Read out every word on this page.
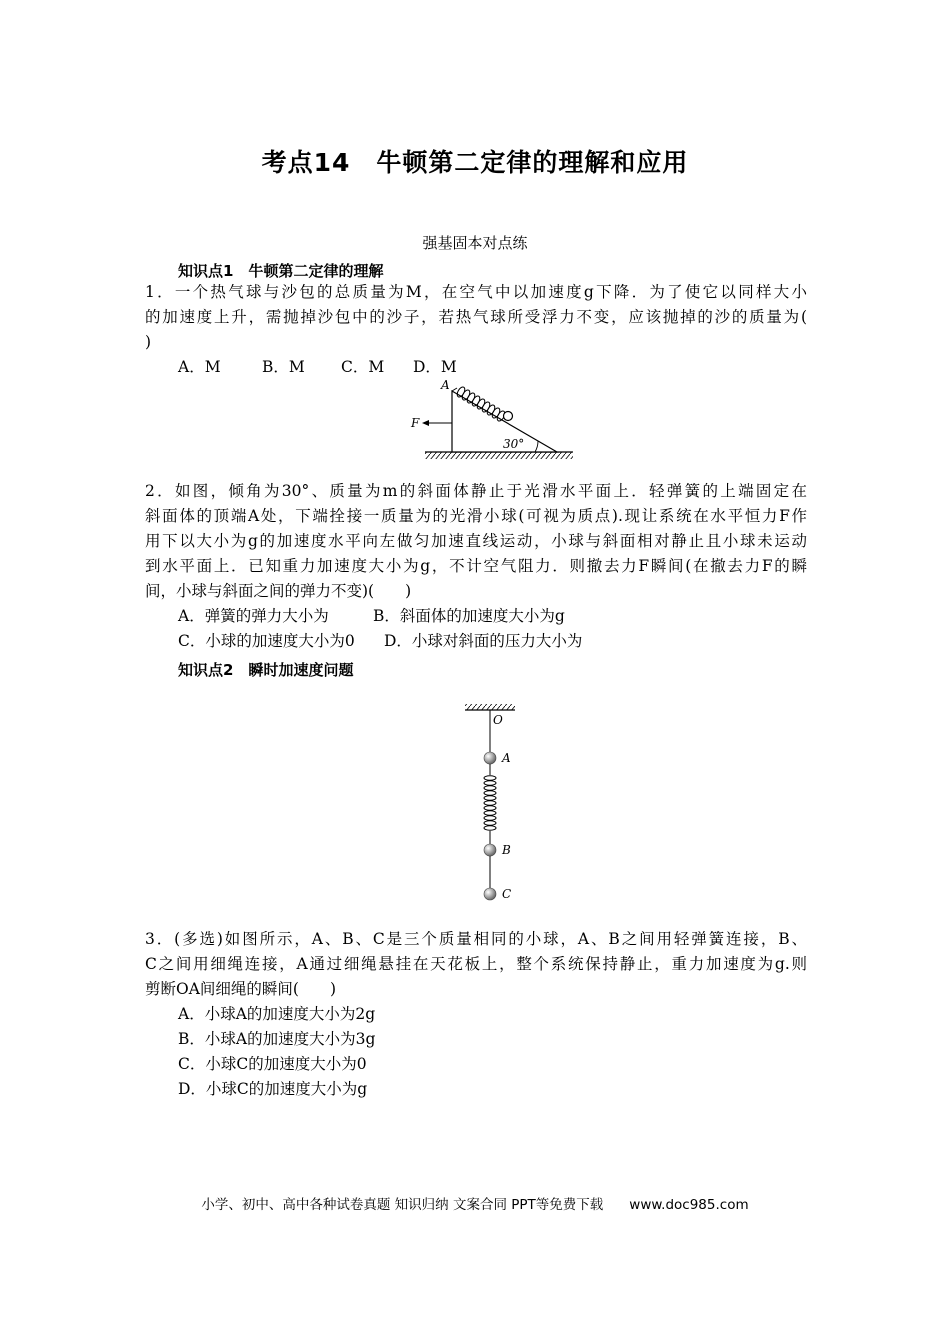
考点14　牛顿第二定律的理解和应用
强基固本对点练
知识点1　牛顿第二定律的理解
1．一个热气球与沙包的总质量为M，在空气中以加速度g下降．为了使它以同样大小
的加速度上升，需抛掉沙包中的沙子，若热气球所受浮力不变，应该抛掉的沙的质量为(
)
A．M	B．M C．M D．M
30°
F
A
2．如图，倾角为30°、质量为m的斜面体静止于光滑水平面上．轻弹簧的上端固定在
斜面体的顶端A处，下端拴接一质量为的光滑小球(可视为质点).现让系统在水平恒力F作
用下以大小为g的加速度水平向左做匀加速直线运动，小球与斜面相对静止且小球未运动
到水平面上．已知重力加速度大小为g，不计空气阻力．则撤去力F瞬间(在撤去力F的瞬
间，小球与斜面之间的弹力不变)(　　)
A．弹簧的弹力大小为	B．斜面体的加速度大小为g
C．小球的加速度大小为0 D．小球对斜面的压力大小为
知识点2　瞬时加速度问题
O
A
B
C
3．(多选)如图所示，A、B、C是三个质量相同的小球，A、B之间用轻弹簧连接，B、
C之间用细绳连接，A通过细绳悬挂在天花板上，整个系统保持静止，重力加速度为g.则
剪断OA间细绳的瞬间(　　)
A．小球A的加速度大小为2g
B．小球A的加速度大小为3g
C．小球C的加速度大小为0
D．小球C的加速度大小为g
小学、初中、高中各种试卷真题 知识归纳 文案合同 PPT等免费下载 www.doc985.com
